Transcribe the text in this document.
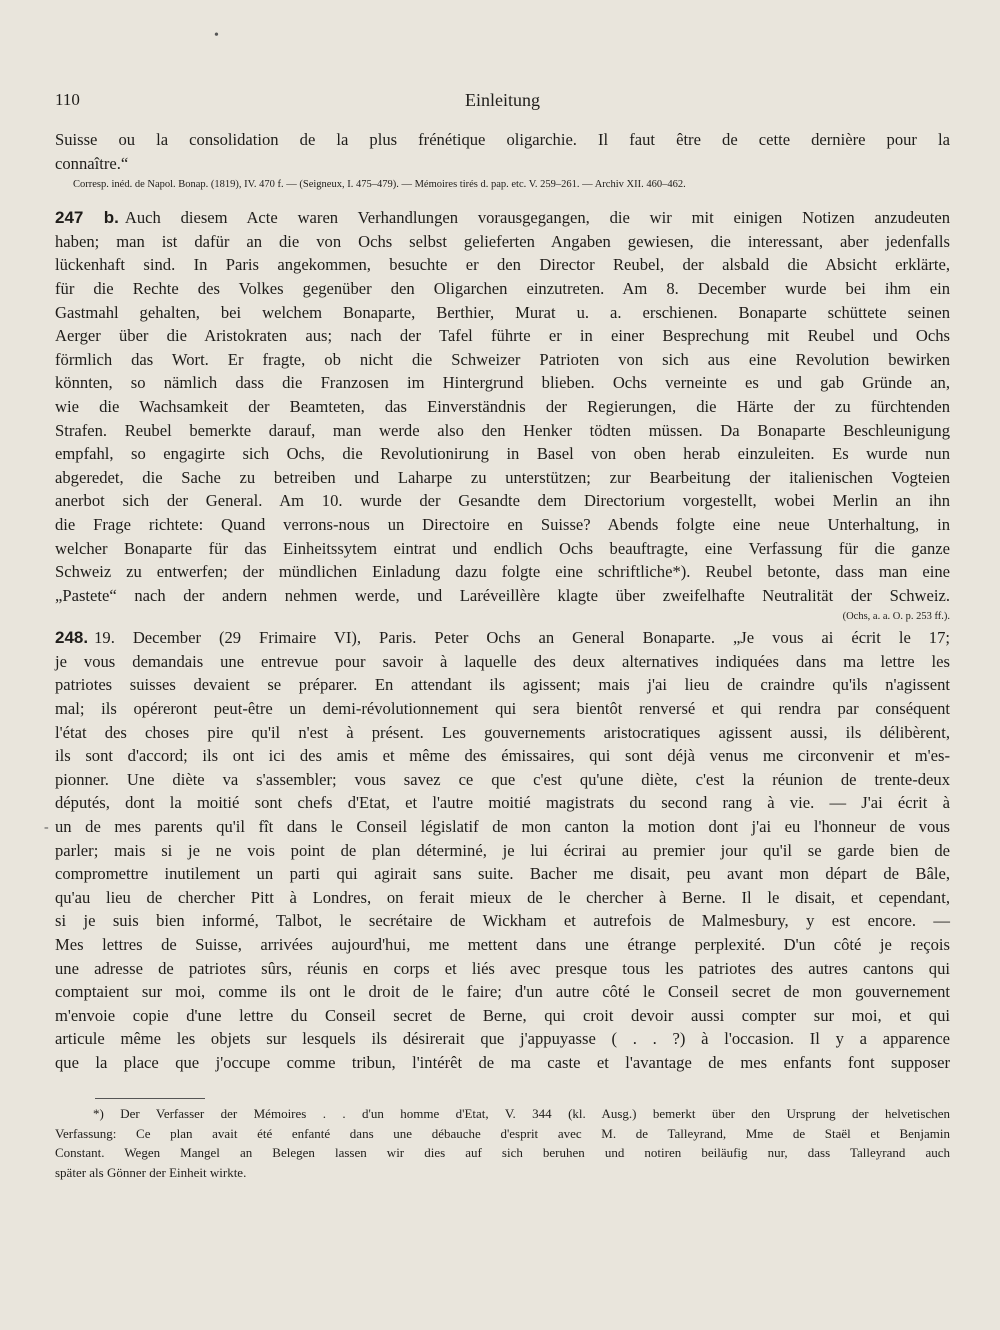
110	Einleitung
Suisse ou la consolidation de la plus frénétique oligarchie. Il faut être de cette dernière pour la
connaître.“
Corresp. inéd. de Napol. Bonap. (1819), IV. 470 f. — (Seigneux, I. 475–479). — Mémoires tirés d. pap. etc. V. 259–261. — Archiv XII. 460–462.
247 b. Auch diesem Acte waren Verhandlungen vorausgegangen, die wir mit einigen Notizen anzudeuten
haben; man ist dafür an die von Ochs selbst gelieferten Angaben gewiesen, die interessant, aber jedenfalls
lückenhaft sind. In Paris angekommen, besuchte er den Director Reubel, der alsbald die Absicht erklärte,
für die Rechte des Volkes gegenüber den Oligarchen einzutreten. Am 8. December wurde bei ihm ein
Gastmahl gehalten, bei welchem Bonaparte, Berthier, Murat u. a. erschienen. Bonaparte schüttete seinen
Aerger über die Aristokraten aus; nach der Tafel führte er in einer Besprechung mit Reubel und Ochs
förmlich das Wort. Er fragte, ob nicht die Schweizer Patrioten von sich aus eine Revolution bewirken
könnten, so nämlich dass die Franzosen im Hintergrund blieben. Ochs verneinte es und gab Gründe an,
wie die Wachsamkeit der Beamteten, das Einverständnis der Regierungen, die Härte der zu fürchtenden
Strafen. Reubel bemerkte darauf, man werde also den Henker tödten müssen. Da Bonaparte Beschleunigung
empfahl, so engagirte sich Ochs, die Revolutionirung in Basel von oben herab einzuleiten. Es wurde nun
abgeredet, die Sache zu betreiben und Laharpe zu unterstützen; zur Bearbeitung der italienischen Vogteien
anerbot sich der General. Am 10. wurde der Gesandte dem Directorium vorgestellt, wobei Merlin an ihn
die Frage richtete: Quand verrons-nous un Directoire en Suisse? Abends folgte eine neue Unterhaltung, in
welcher Bonaparte für das Einheitssytem eintrat und endlich Ochs beauftragte, eine Verfassung für die ganze
Schweiz zu entwerfen; der mündlichen Einladung dazu folgte eine schriftliche*). Reubel betonte, dass man eine
„Pastete“ nach der andern nehmen werde, und Laréveillère klagte über zweifelhafte Neutralität der Schweiz.
(Ochs, a. a. O. p. 253 ff.).
248. 19. December (29 Frimaire VI), Paris. Peter Ochs an General Bonaparte. „Je vous ai écrit le 17;
je vous demandais une entrevue pour savoir à laquelle des deux alternatives indiquées dans ma lettre les
patriotes suisses devaient se préparer. En attendant ils agissent; mais j'ai lieu de craindre qu'ils n'agissent
mal; ils opéreront peut-être un demi-révolutionnement qui sera bientôt renversé et qui rendra par conséquent
l'état des choses pire qu'il n'est à présent. Les gouvernements aristocratiques agissent aussi, ils délibèrent,
ils sont d'accord; ils ont ici des amis et même des émissaires, qui sont déjà venus me circonvenir et m'es-
pionner. Une diète va s'assembler; vous savez ce que c'est qu'une diète, c'est la réunion de trente-deux
députés, dont la moitié sont chefs d'Etat, et l'autre moitié magistrats du second rang à vie. — J'ai écrit à
un de mes parents qu'il fît dans le Conseil législatif de mon canton la motion dont j'ai eu l'honneur de vous
parler; mais si je ne vois point de plan déterminé, je lui écrirai au premier jour qu'il se garde bien de
compromettre inutilement un parti qui agirait sans suite. Bacher me disait, peu avant mon départ de Bâle,
qu'au lieu de chercher Pitt à Londres, on ferait mieux de le chercher à Berne. Il le disait, et cependant,
si je suis bien informé, Talbot, le secrétaire de Wickham et autrefois de Malmesbury, y est encore. —
Mes lettres de Suisse, arrivées aujourd'hui, me mettent dans une étrange perplexité. D'un côté je reçois
une adresse de patriotes sûrs, réunis en corps et liés avec presque tous les patriotes des autres cantons qui
comptaient sur moi, comme ils ont le droit de le faire; d'un autre côté le Conseil secret de mon gouvernement
m'envoie copie d'une lettre du Conseil secret de Berne, qui croit devoir aussi compter sur moi, et qui
articule même les objets sur lesquels ils désirerait que j'appuyasse ( . . ?) à l'occasion. Il y a apparence
que la place que j'occupe comme tribun, l'intérêt de ma caste et l'avantage de mes enfants font supposer
*) Der Verfasser der Mémoires . . d'un homme d'Etat, V. 344 (kl. Ausg.) bemerkt über den Ursprung der helvetischen
Verfassung: Ce plan avait été enfanté dans une débauche d'esprit avec M. de Talleyrand, Mme de Staël et Benjamin
Constant. Wegen Mangel an Belegen lassen wir dies auf sich beruhen und notiren beiläufig nur, dass Talleyrand auch
später als Gönner der Einheit wirkte.
•
-
